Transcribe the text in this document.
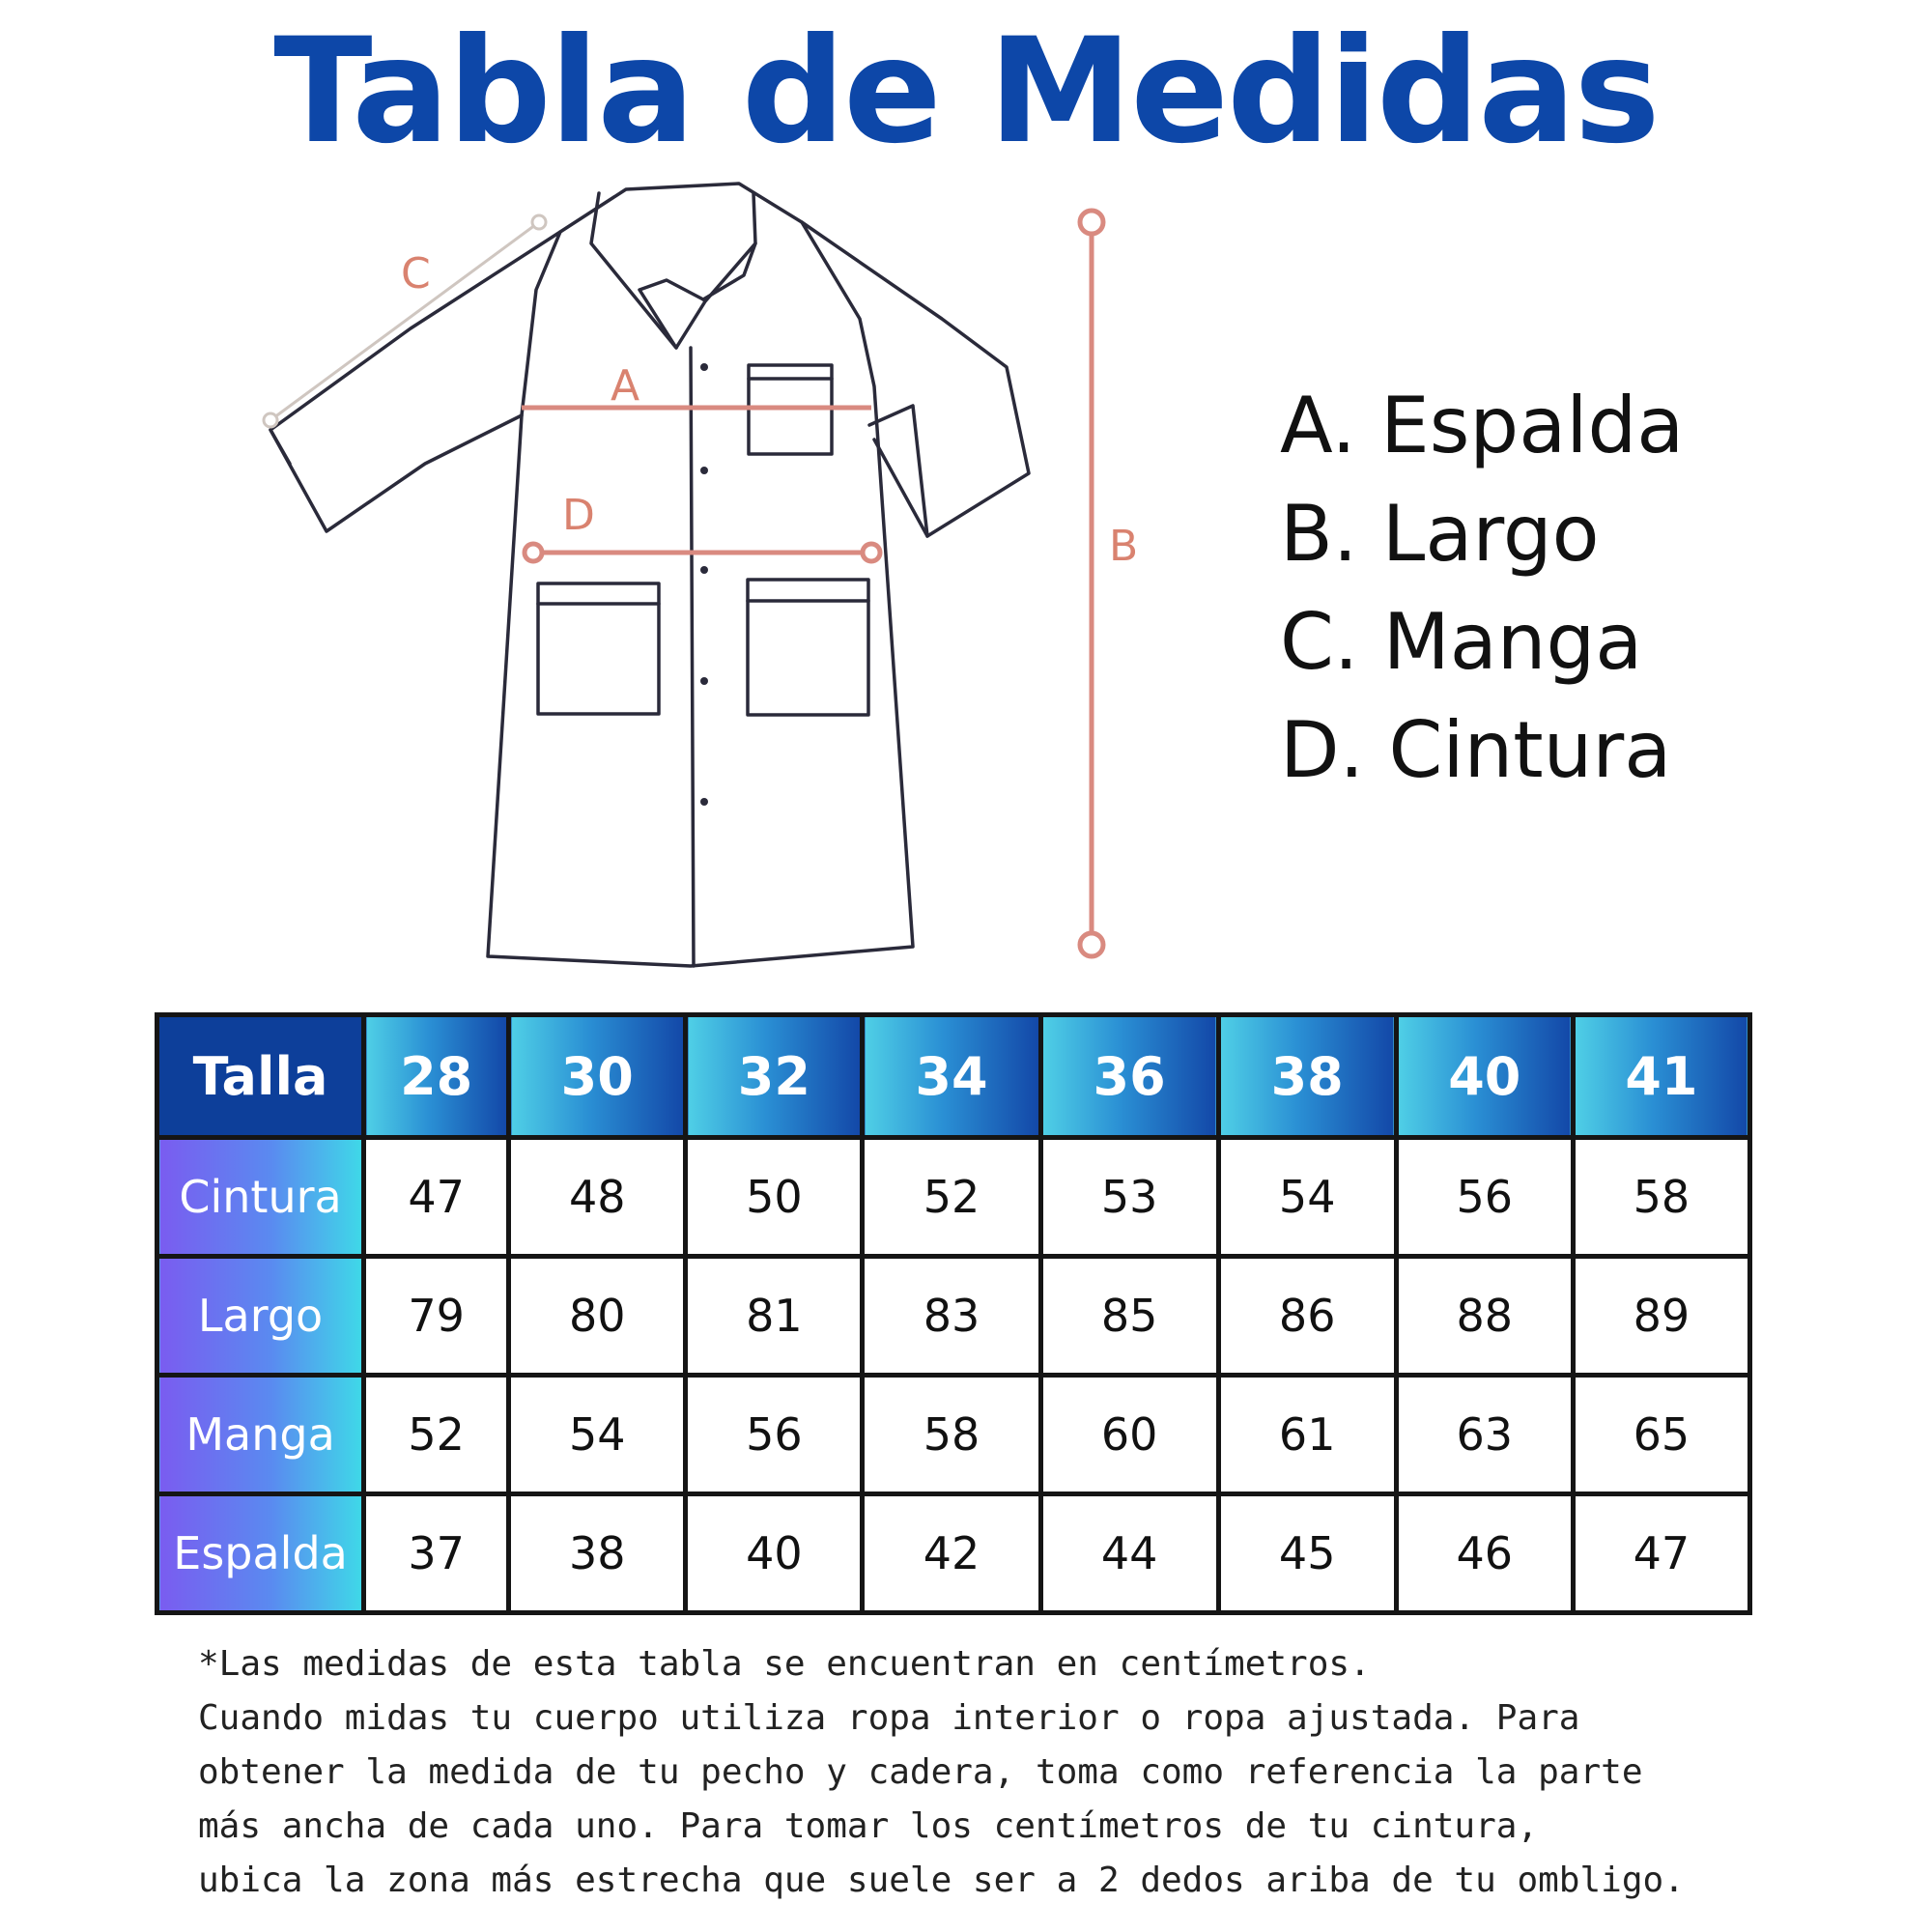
Tabla de Medidas
A
B
C
D
A. Espalda
B. Largo
C. Manga
D. Cintura
Talla	28	30	32	34	36	38	40	41
Cintura	47	48	50	52	53	54	56	58
Largo	79	80	81	83	85	86	88	89
Manga	52	54	56	58	60	61	63	65
Espalda	37	38	40	42	44	45	46	47

*Las medidas de esta tabla se encuentran en centímetros.

Cuando midas tu cuerpo utiliza ropa interior o ropa ajustada. Para

obtener la medida de tu pecho y cadera, toma como referencia la parte

más ancha de cada uno. Para tomar los centímetros de tu cintura,

ubica la zona más estrecha que suele ser a 2 dedos ariba de tu ombligo.
